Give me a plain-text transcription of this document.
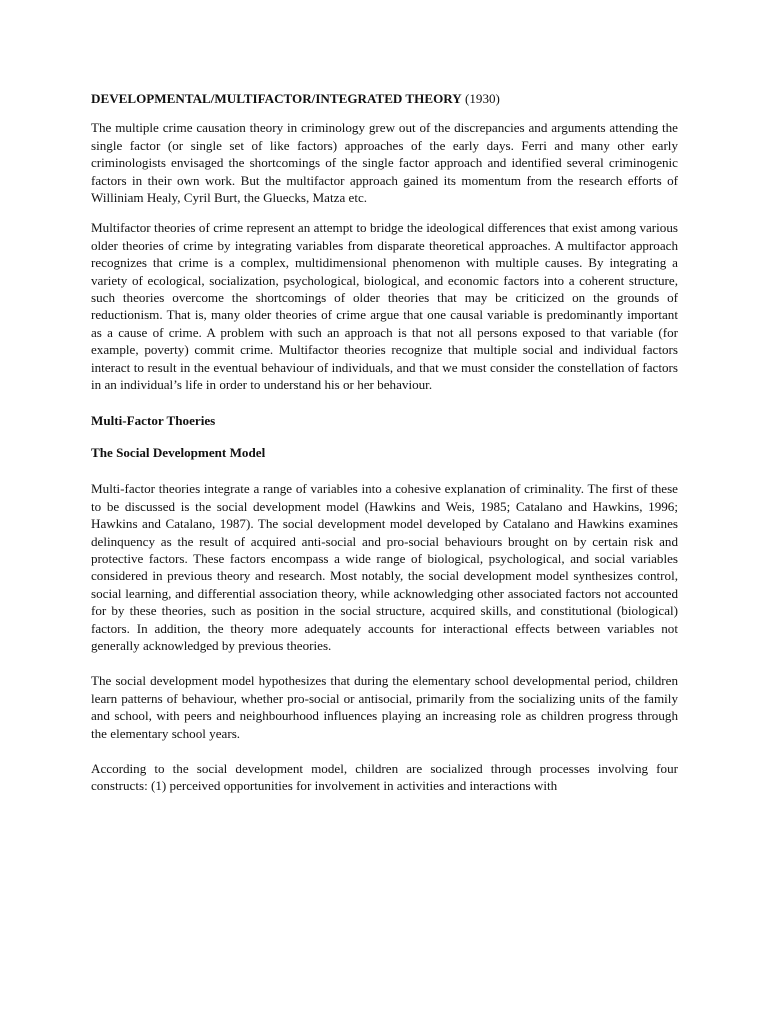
DEVELOPMENTAL/MULTIFACTOR/INTEGRATED THEORY (1930)

The multiple crime causation theory in criminology grew out of the discrepancies and arguments attending the single factor (or single set of like factors) approaches of the early days. Ferri and many other early criminologists envisaged the shortcomings of the single factor approach and identified several criminogenic factors in their own work. But the multifactor approach gained its momentum from the research efforts of Williniam Healy, Cyril Burt, the Gluecks, Matza etc.

Multifactor theories of crime represent an attempt to bridge the ideological differences that exist among various older theories of crime by integrating variables from disparate theoretical approaches. A multifactor approach recognizes that crime is a complex, multidimensional phenomenon with multiple causes. By integrating a variety of ecological, socialization, psychological, biological, and economic factors into a coherent structure, such theories overcome the shortcomings of older theories that may be criticized on the grounds of reductionism. That is, many older theories of crime argue that one causal variable is predominantly important as a cause of crime. A problem with such an approach is that not all persons exposed to that variable (for example, poverty) commit crime. Multifactor theories recognize that multiple social and individual factors interact to result in the eventual behaviour of individuals, and that we must consider the constellation of factors in an individual’s life in order to understand his or her behaviour.

Multi-Factor Thoeries
The Social Development Model

Multi-factor theories integrate a range of variables into a cohesive explanation of criminality. The first of these to be discussed is the social development model (Hawkins and Weis, 1985; Catalano and Hawkins, 1996; Hawkins and Catalano, 1987). The social development model developed by Catalano and Hawkins examines delinquency as the result of acquired anti-social and pro-social behaviours brought on by certain risk and protective factors. These factors encompass a wide range of biological, psychological, and social variables considered in previous theory and research. Most notably, the social development model synthesizes control, social learning, and differential association theory, while acknowledging other associated factors not accounted for by these theories, such as position in the social structure, acquired skills, and constitutional (biological) factors. In addition, the theory more adequately accounts for interactional effects between variables not generally acknowledged by previous theories.

The social development model hypothesizes that during the elementary school developmental period, children learn patterns of behaviour, whether pro-social or antisocial, primarily from the socializing units of the family and school, with peers and neighbourhood influences playing an increasing role as children progress through the elementary school years.

According to the social development model, children are socialized through processes involving four constructs: (1) perceived opportunities for involvement in activities and interactions with
